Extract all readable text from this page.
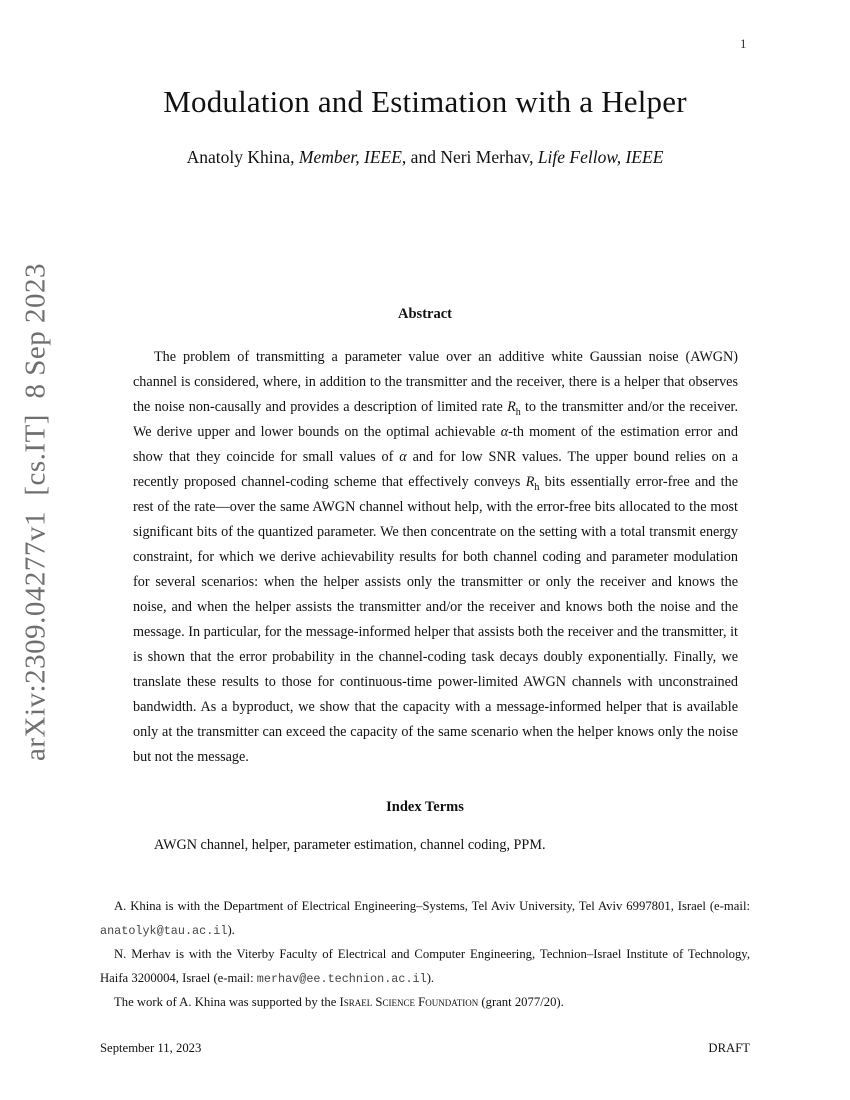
1
arXiv:2309.04277v1  [cs.IT]  8 Sep 2023
Modulation and Estimation with a Helper
Anatoly Khina, Member, IEEE, and Neri Merhav, Life Fellow, IEEE
Abstract

The problem of transmitting a parameter value over an additive white Gaussian noise (AWGN) channel is considered, where, in addition to the transmitter and the receiver, there is a helper that observes the noise non-causally and provides a description of limited rate $R_h$ to the transmitter and/or the receiver. We derive upper and lower bounds on the optimal achievable α-th moment of the estimation error and show that they coincide for small values of α and for low SNR values. The upper bound relies on a recently proposed channel-coding scheme that effectively conveys $R_h$ bits essentially error-free and the rest of the rate—over the same AWGN channel without help, with the error-free bits allocated to the most significant bits of the quantized parameter. We then concentrate on the setting with a total transmit energy constraint, for which we derive achievability results for both channel coding and parameter modulation for several scenarios: when the helper assists only the transmitter or only the receiver and knows the noise, and when the helper assists the transmitter and/or the receiver and knows both the noise and the message. In particular, for the message-informed helper that assists both the receiver and the transmitter, it is shown that the error probability in the channel-coding task decays doubly exponentially. Finally, we translate these results to those for continuous-time power-limited AWGN channels with unconstrained bandwidth. As a byproduct, we show that the capacity with a message-informed helper that is available only at the transmitter can exceed the capacity of the same scenario when the helper knows only the noise but not the message.

Index Terms

AWGN channel, helper, parameter estimation, channel coding, PPM.

A. Khina is with the Department of Electrical Engineering–Systems, Tel Aviv University, Tel Aviv 6997801, Israel (e-mail: anatolyk@tau.ac.il).

N. Merhav is with the Viterby Faculty of Electrical and Computer Engineering, Technion–Israel Institute of Technology, Haifa 3200004, Israel (e-mail: merhav@ee.technion.ac.il).

The work of A. Khina was supported by the Israel Science Foundation (grant 2077/20).

September 11, 2023	DRAFT
